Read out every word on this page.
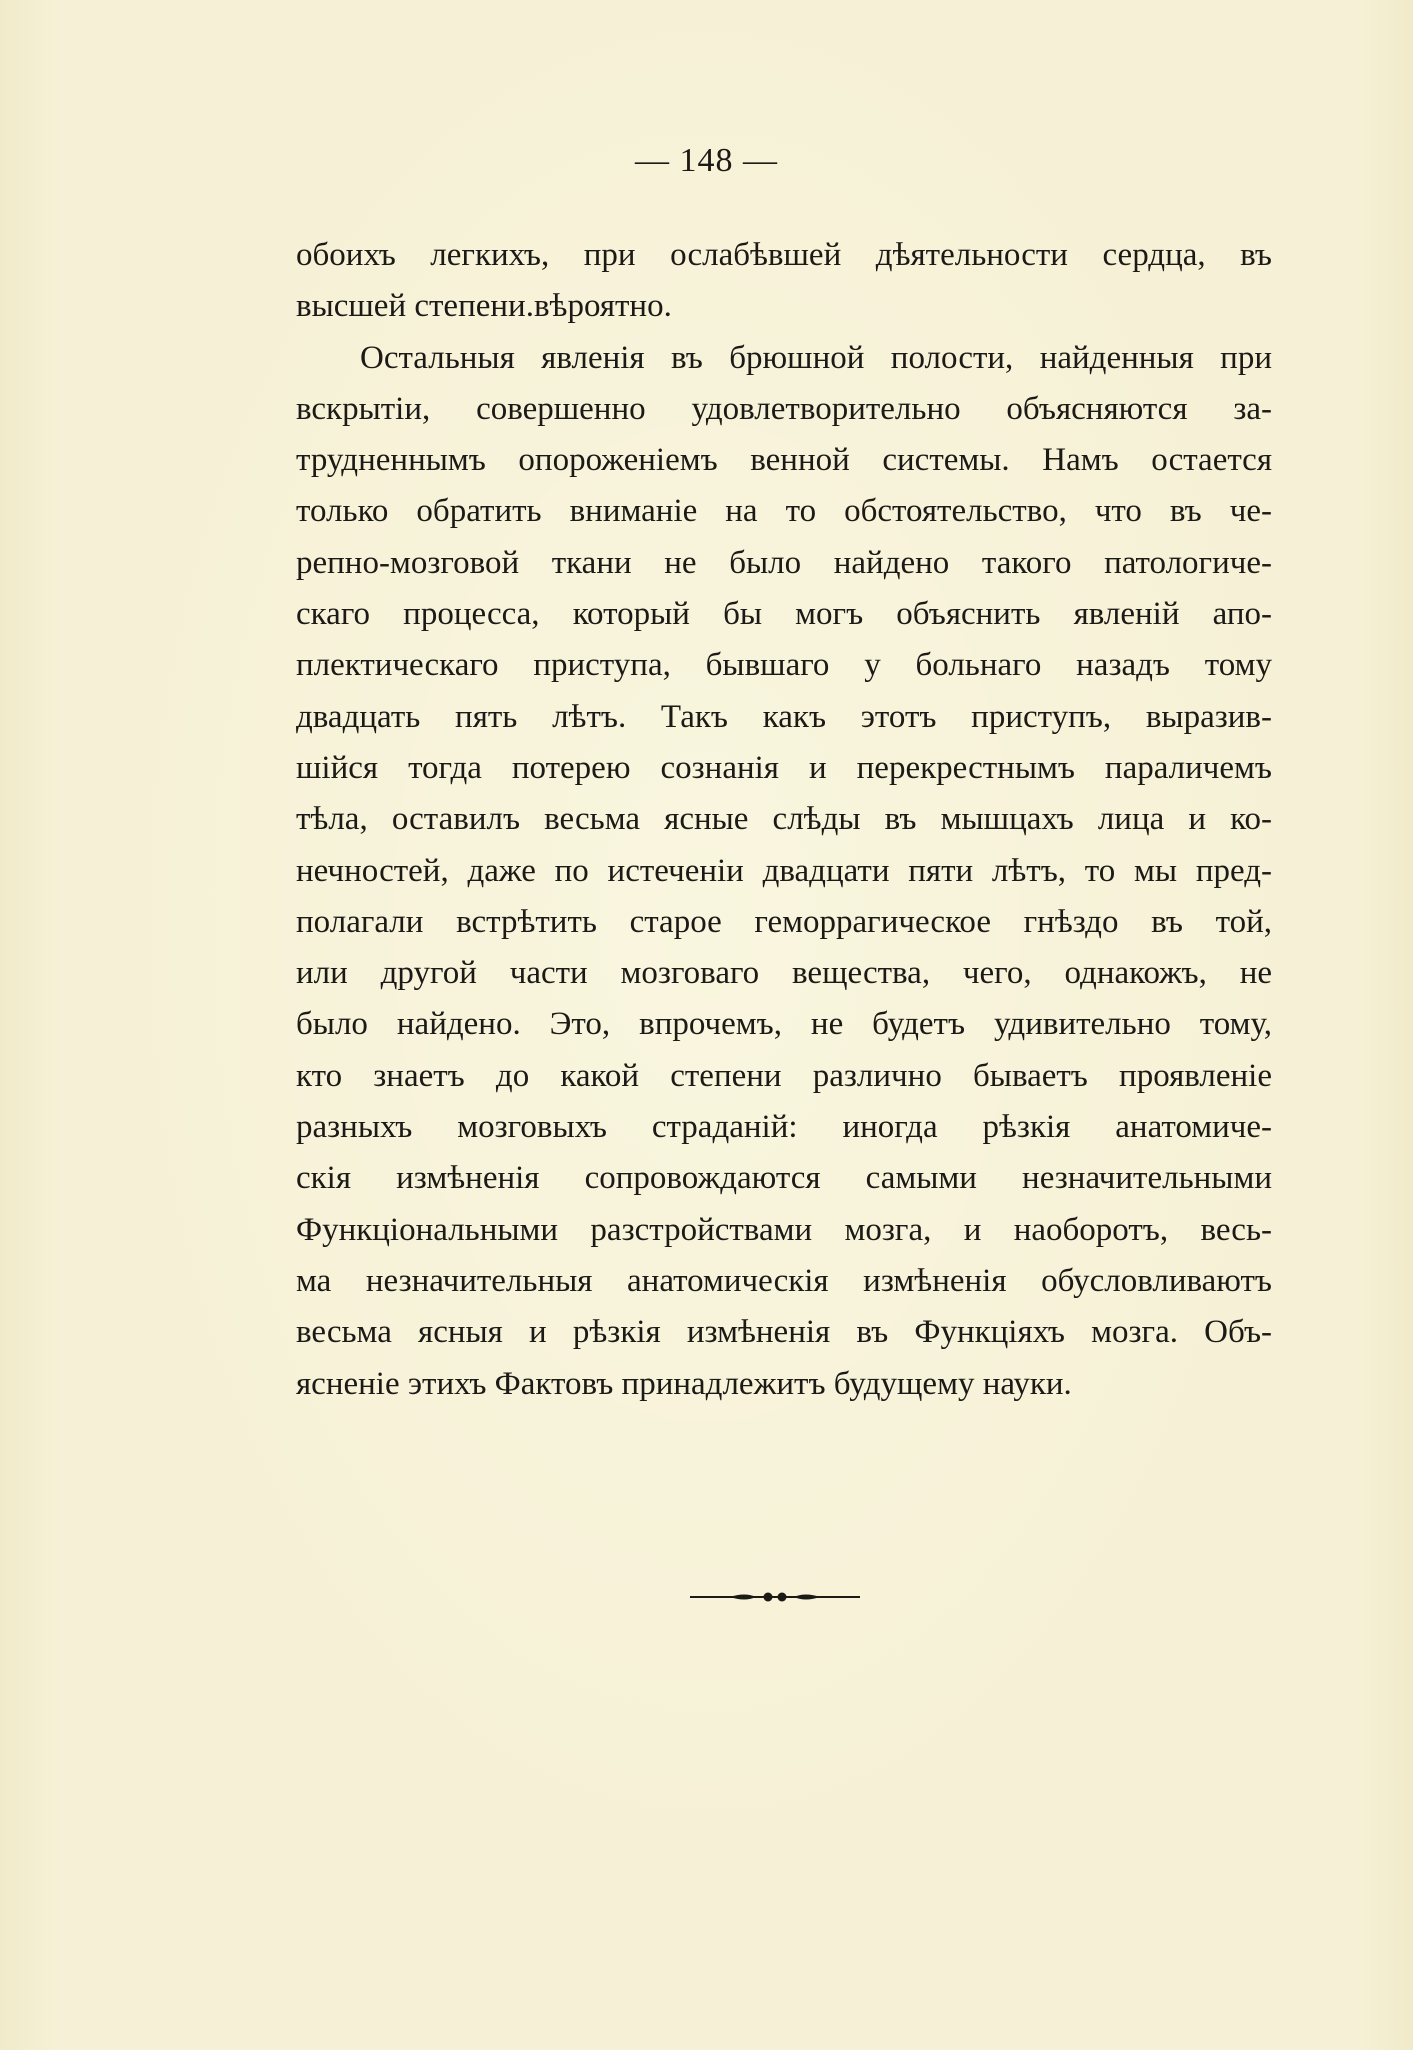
— 148 —

обоихъ легкихъ, при ослабѣвшей дѣятельности сердца, въ
высшей степени.вѣроятно.
Остальныя явленія въ брюшной полости, найденныя при
вскрытіи, совершенно удовлетворительно объясняются за-
трудненнымъ опороженіемъ венной системы. Намъ остается
только обратить вниманіе на то обстоятельство, что въ че-
репно-мозговой ткани не было найдено такого патологиче-
скаго процесса, который бы могъ объяснить явленій апо-
плектическаго приступа, бывшаго у больнаго назадъ тому
двадцать пять лѣтъ. Такъ какъ этотъ приступъ, выразив-
шійся тогда потерею сознанія и перекрестнымъ параличемъ
тѣла, оставилъ весьма ясные слѣды въ мышцахъ лица и ко-
нечностей, даже по истеченіи двадцати пяти лѣтъ, то мы пред-
полагали встрѣтить старое геморрагическое гнѣздо въ той,
или другой части мозговаго вещества, чего, однакожъ, не
было найдено. Это, впрочемъ, не будетъ удивительно тому,
кто знаетъ до какой степени различно бываетъ проявленіе
разныхъ мозговыхъ страданій: иногда рѣзкія анатомиче-
скія измѣненія сопровождаются самыми незначительными
Функціональными разстройствами мозга, и наоборотъ, весь-
ма незначительныя анатомическія измѣненія обусловливаютъ
весьма ясныя и рѣзкія измѣненія въ Функціяхъ мозга. Объ-
ясненіе этихъ Фактовъ принадлежитъ будущему науки.
